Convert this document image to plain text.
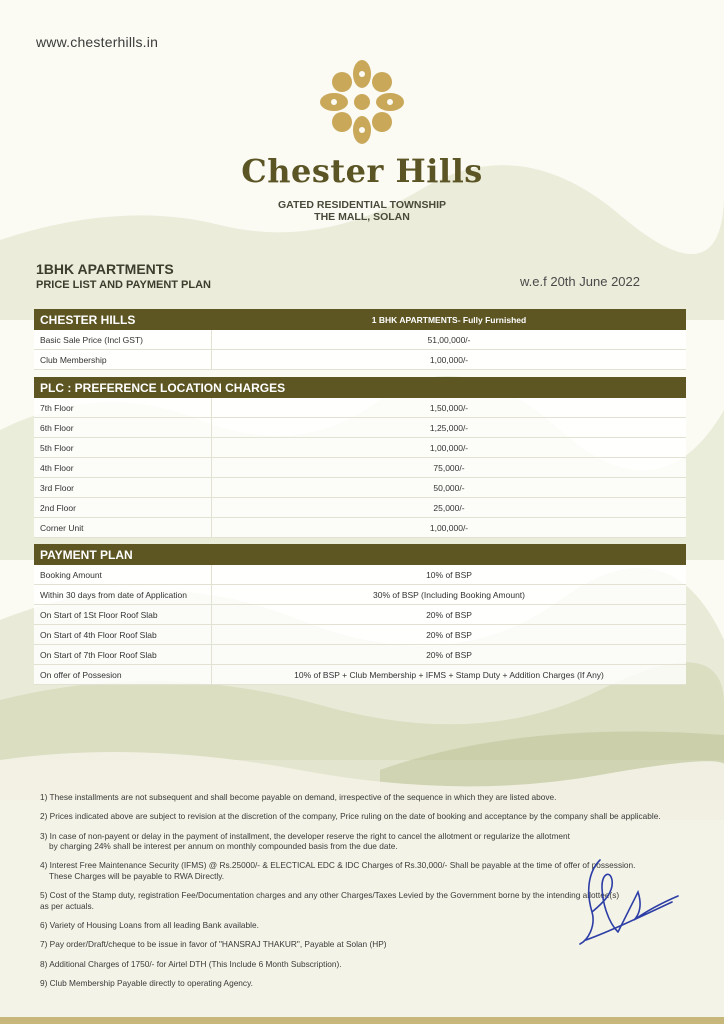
www.chesterhills.in
Chester Hills
GATED RESIDENTIAL TOWNSHIP
THE MALL, SOLAN
1BHK APARTMENTS
PRICE LIST AND PAYMENT PLAN	w.e.f 20th June 2022
CHESTER HILLS	1 BHK APARTMENTS- Fully Furnished
Basic Sale Price (Incl GST)	51,00,000/-
Club Membership	1,00,000/-
PLC : PREFERENCE LOCATION CHARGES
7th Floor	1,50,000/-
6th Floor	1,25,000/-
5th Floor	1,00,000/-
4th Floor	75,000/-
3rd Floor	50,000/-
2nd Floor	25,000/-
Corner Unit	1,00,000/-
PAYMENT PLAN
Booking Amount	10% of BSP
Within 30 days from date of Application	30% of BSP (Including Booking Amount)
On Start of 1St Floor Roof Slab	20% of BSP
On Start of 4th Floor Roof Slab	20% of BSP
On Start of 7th Floor Roof Slab	20% of BSP
On offer of Possesion	10% of BSP + Club Membership + IFMS + Stamp Duty + Addition Charges (If Any)
1) These installments are not subsequent and shall become payable on demand, irrespective of the sequence in which they are listed above.
2) Prices indicated above are subject to revision at the discretion of the company, Price ruling on the date of booking and acceptance by the company shall be applicable.
3) In case of non-payent or delay in the payment of installment, the developer reserve the right to cancel the allotment or regularize the allotment
by charging 24% shall be interest per annum on monthly compounded basis from the due date.
4) Interest Free Maintenance Security (IFMS) @ Rs.25000/- & ELECTICAL EDC & IDC Charges of Rs.30,000/- Shall be payable at the time of offer of possession.
These Charges will be payable to RWA Directly.
5) Cost of the Stamp duty, registration Fee/Documentation charges and any other Charges/Taxes Levied by the Government borne by the intending allottee(s)
as per actuals.
6) Variety of Housing Loans from all leading Bank available.
7) Pay order/Draft/cheque to be issue in favor of "HANSRAJ THAKUR", Payable at Solan (HP)
8) Additional Charges of 1750/- for Airtel DTH (This Include 6 Month Subscription).
9) Club Membership Payable directly to operating Agency.
